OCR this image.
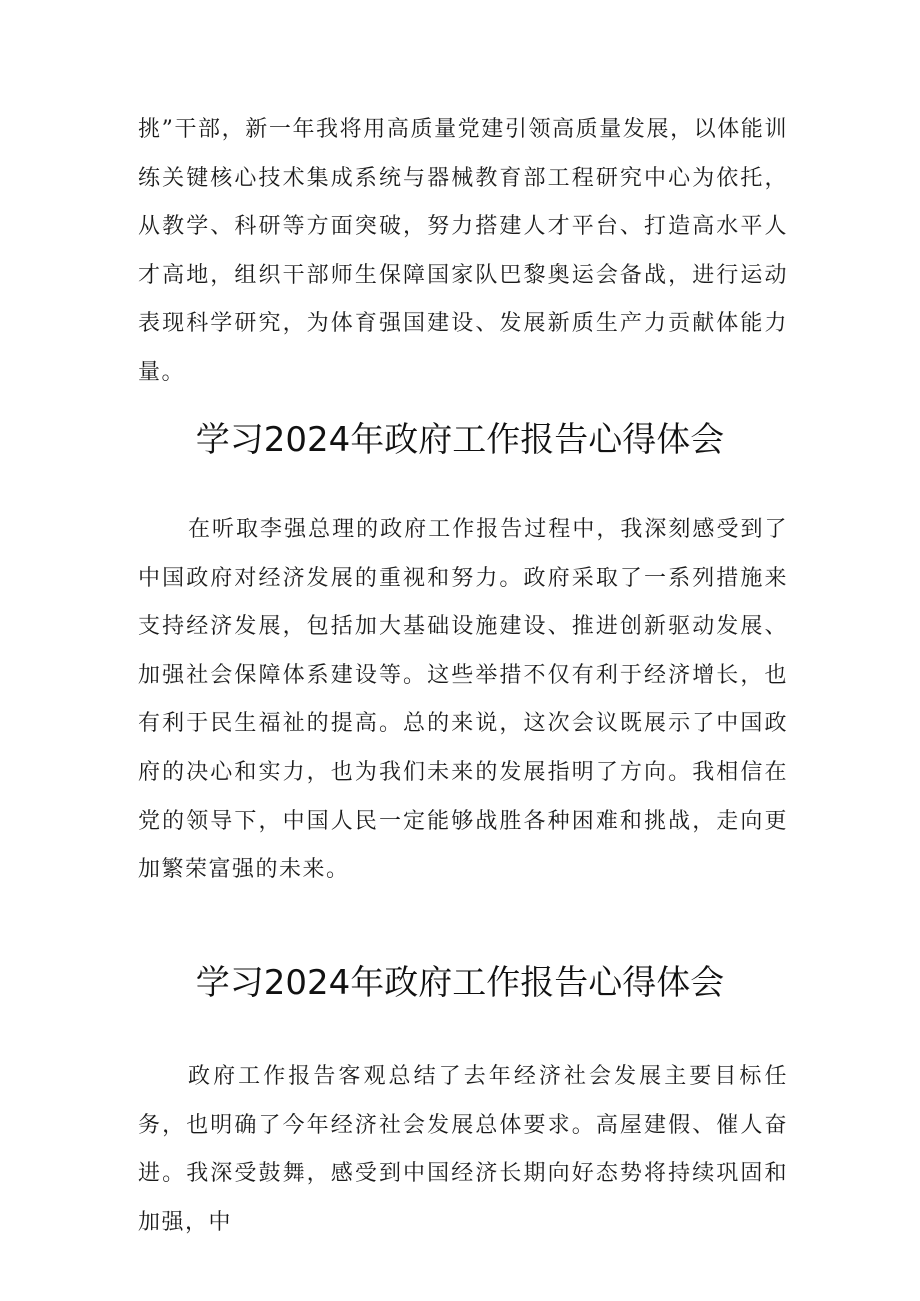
挑”干部，新一年我将用高质量党建引领高质量发展，以体能训练关键核心技术集成系统与器械教育部工程研究中心为依托，从教学、科研等方面突破，努力搭建人才平台、打造高水平人才高地，组织干部师生保障国家队巴黎奥运会备战，进行运动表现科学研究，为体育强国建设、发展新质生产力贡献体能力量。

学习2024年政府工作报告心得体会

在听取李强总理的政府工作报告过程中，我深刻感受到了中国政府对经济发展的重视和努力。政府采取了一系列措施来支持经济发展，包括加大基础设施建设、推进创新驱动发展、加强社会保障体系建设等。这些举措不仅有利于经济增长，也有利于民生福祉的提高。总的来说，这次会议既展示了中国政府的决心和实力，也为我们未来的发展指明了方向。我相信在党的领导下，中国人民一定能够战胜各种困难和挑战，走向更加繁荣富强的未来。

学习2024年政府工作报告心得体会

政府工作报告客观总结了去年经济社会发展主要目标任务，也明确了今年经济社会发展总体要求。高屋建假、催人奋进。我深受鼓舞，感受到中国经济长期向好态势将持续巩固和加强，中
